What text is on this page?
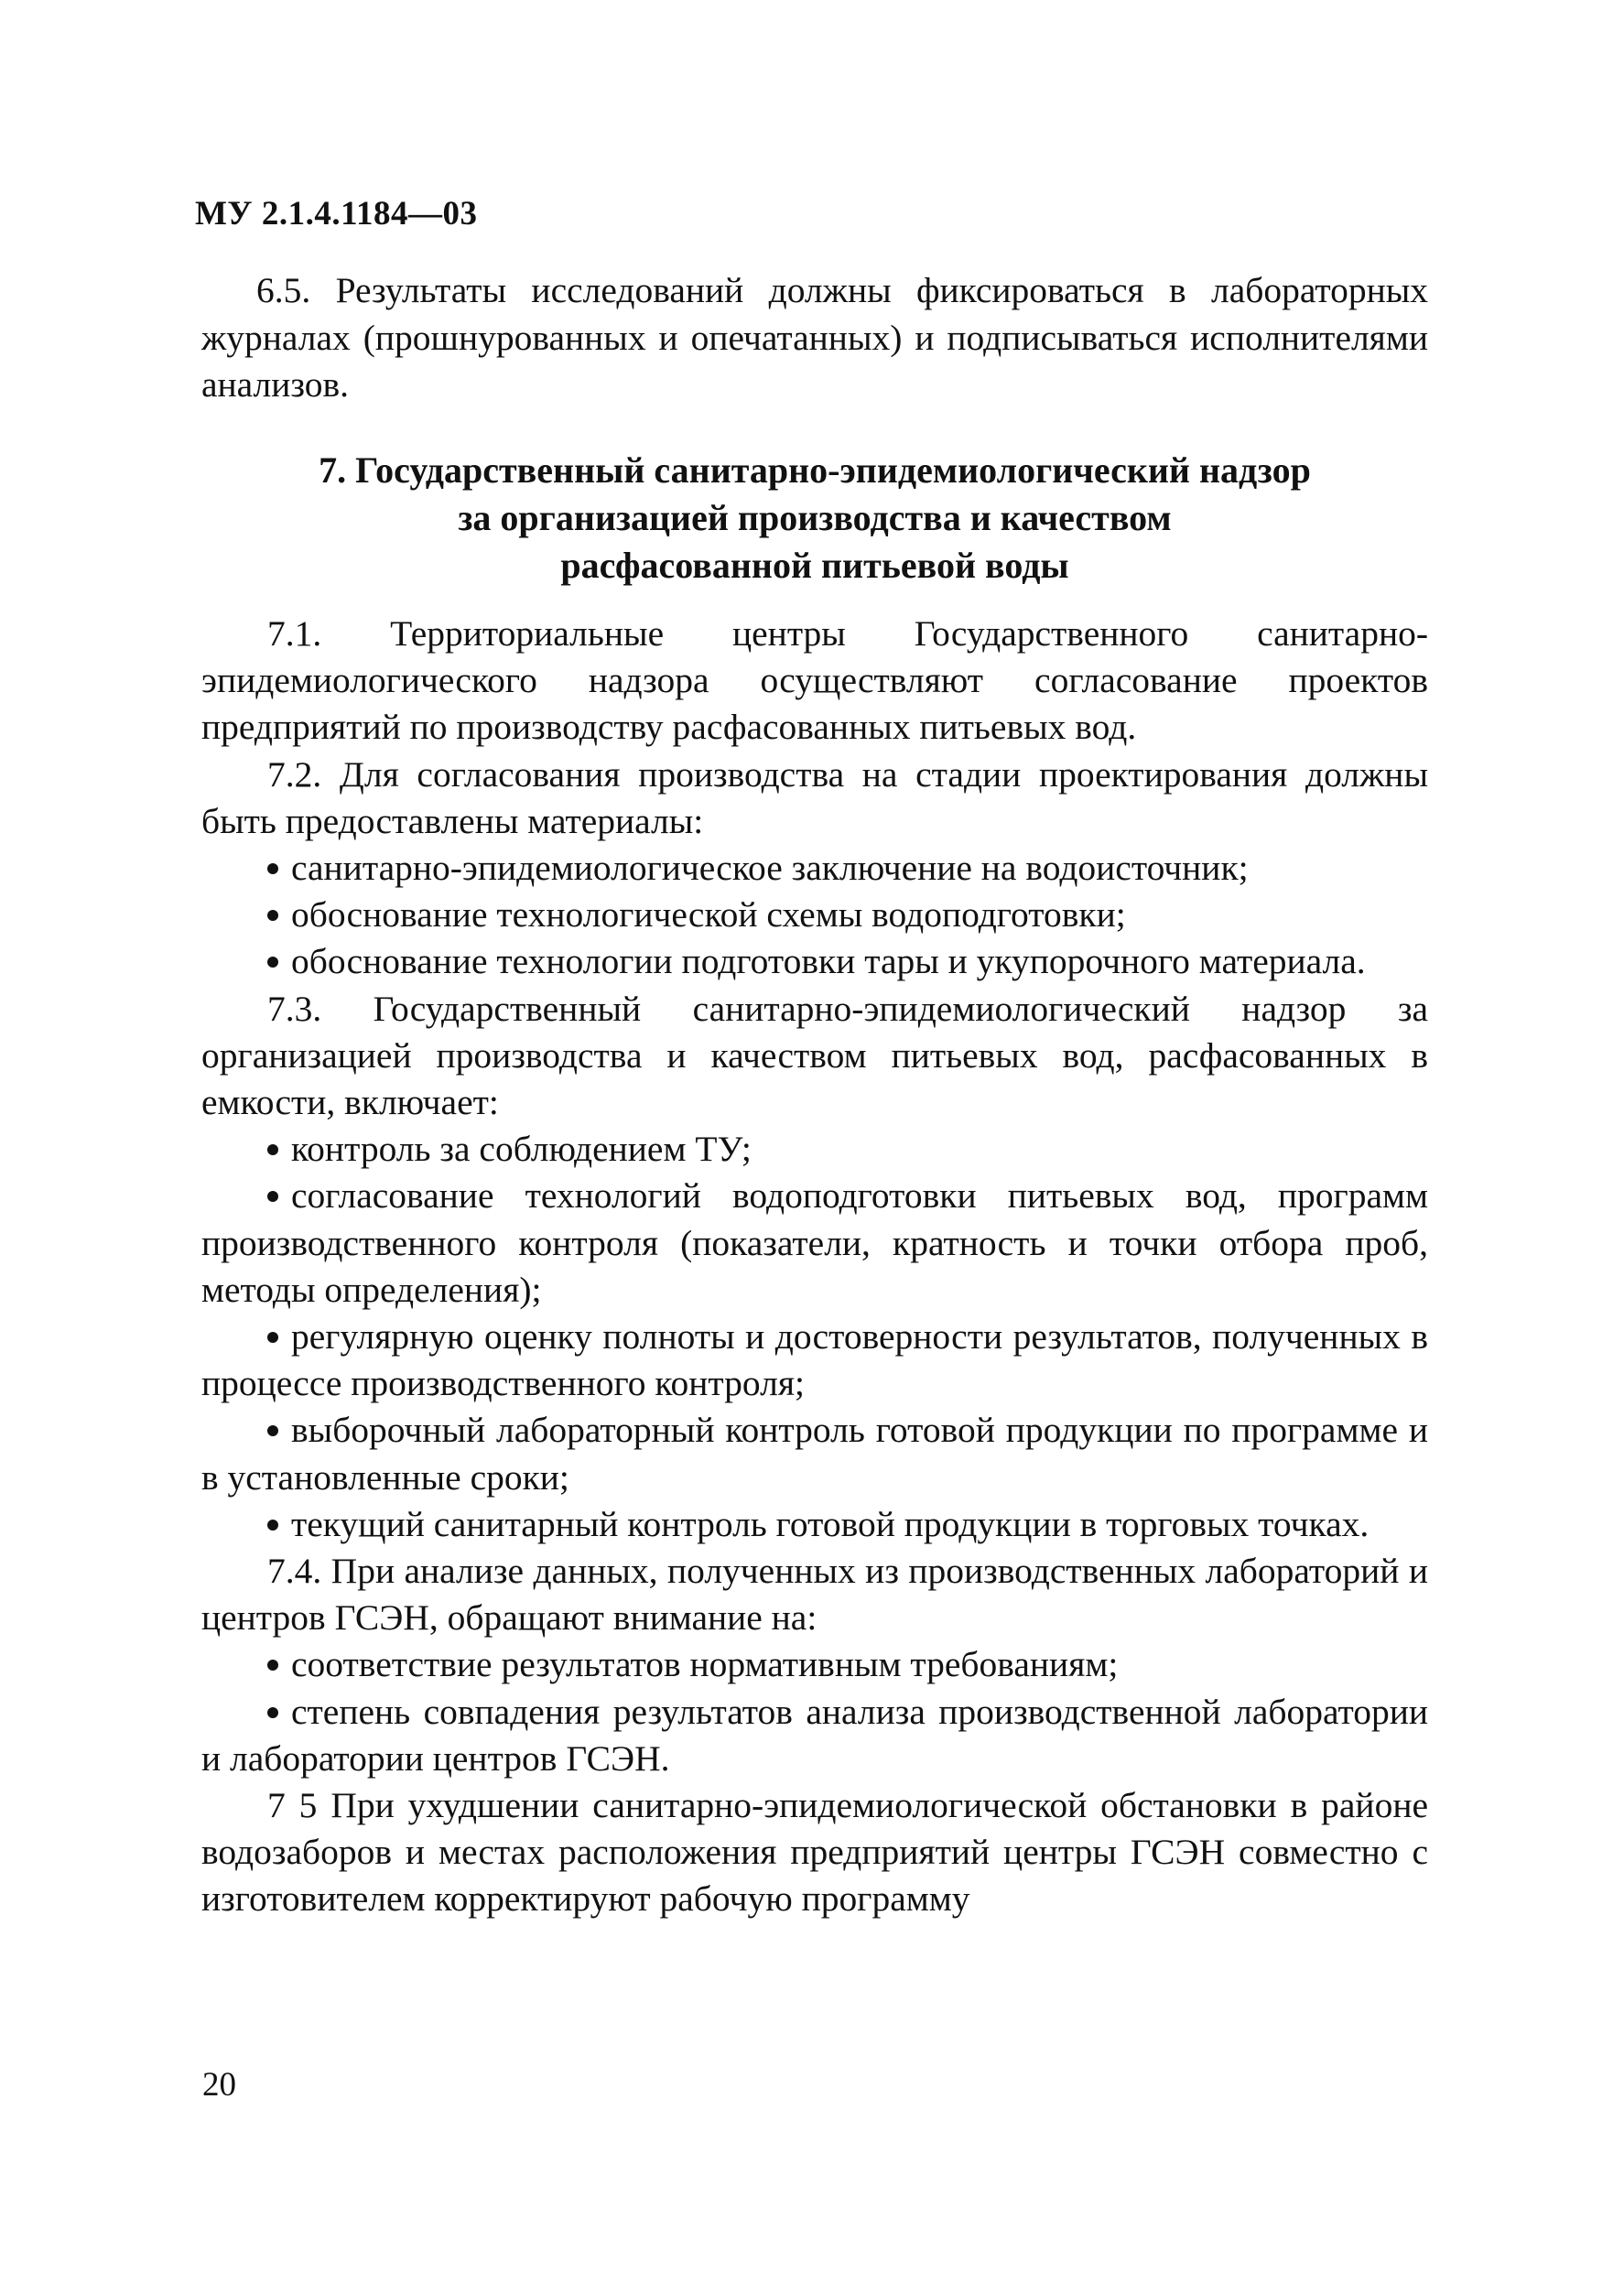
МУ 2.1.4.1184—03

6.5. Результаты исследований должны фиксироваться в лабораторных журналах (прошнурованных и опечатанных) и подписываться исполнителями анализов.

7. Государственный санитарно-эпидемиологический надзор
за организацией производства и качеством
расфасованной питьевой воды

7.1. Территориальные центры Государственного санитарно-эпидемиологического надзора осуществляют согласование проектов предприятий по производству расфасованных питьевых вод.

7.2. Для согласования производства на стадии проектирования должны быть предоставлены материалы:

санитарно-эпидемиологическое заключение на водоисточник;

обоснование технологической схемы водоподготовки;

обоснование технологии подготовки тары и укупорочного материала.

7.3. Государственный санитарно-эпидемиологический надзор за организацией производства и качеством питьевых вод, расфасованных в емкости, включает:

контроль за соблюдением ТУ;

согласование технологий водоподготовки питьевых вод, программ производственного контроля (показатели, кратность и точки отбора проб, методы определения);

регулярную оценку полноты и достоверности результатов, полученных в процессе производственного контроля;

выборочный лабораторный контроль готовой продукции по программе и в установленные сроки;

текущий санитарный контроль готовой продукции в торговых точках.

7.4. При анализе данных, полученных из производственных лабораторий и центров ГСЭН, обращают внимание на:

соответствие результатов нормативным требованиям;

степень совпадения результатов анализа производственной лаборатории и лаборатории центров ГСЭН.

7 5 При ухудшении санитарно-эпидемиологической обстановки в районе водозаборов и местах расположения предприятий центры ГСЭН совместно с изготовителем корректируют рабочую программу

20
